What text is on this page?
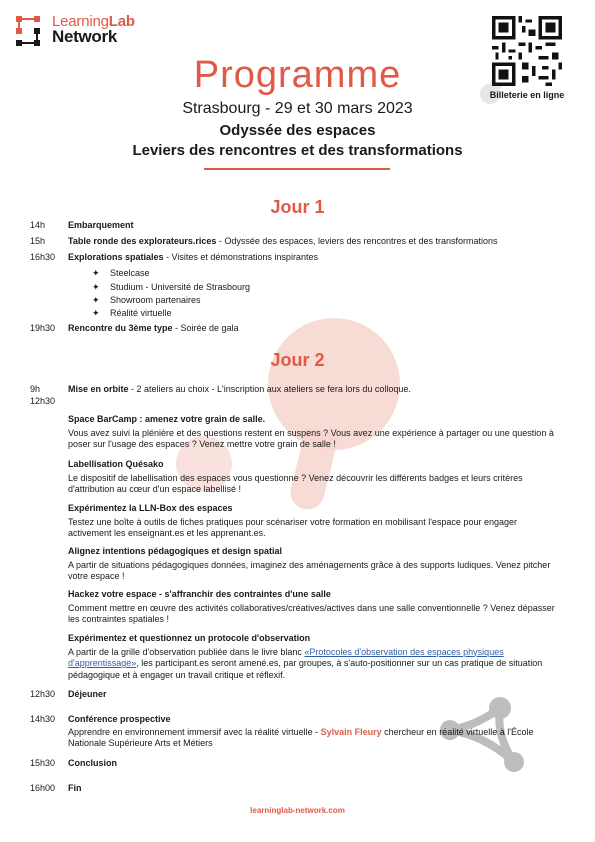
LearningLab
Network
Billeterie en ligne
Programme
Strasbourg - 29 et 30 mars 2023
Odyssée des espaces
Leviers des rencontres et des transformations
Jour 1
14h	Embarquement
15h	Table ronde des explorateurs.rices - Odyssée des espaces, leviers des rencontres et des transformations
16h30	Explorations spatiales - Visites et démonstrations inspirantes
✦ Steelcase
✦ Studium - Université de Strasbourg
✦ Showroom partenaires
✦ Réalité virtuelle
19h30	Rencontre du 3ème type - Soirée de gala
Jour 2
9h	Mise en orbite - 2 ateliers au choix - L'inscription aux ateliers se fera lors du colloque.
12h30
Space BarCamp : amenez votre grain de salle.
Vous avez suivi la plénière et des questions restent en suspens ? Vous avez une expérience à partager ou une question à poser sur l'usage des espaces ? Venez mettre votre grain de salle !
Labellisation Quésako
Le dispositif de labellisation des espaces vous questionne ? Venez découvrir les différents badges et leurs critères d'attribution au cœur d'un espace labellisé !
Expérimentez la LLN-Box des espaces
Testez une boîte à outils de fiches pratiques pour scénariser votre formation en mobilisant l'espace pour engager activement les enseignant.es et les apprenant.es.
Alignez intentions pédagogiques et design spatial
A partir de situations pédagogiques données, imaginez des aménagements grâce à des supports ludiques. Venez pitcher votre espace !
Hackez votre espace - s'affranchir des contraintes d'une salle
Comment mettre en œuvre des activités collaboratives/créatives/actives dans une salle conventionnelle ? Venez dépasser les contraintes spatiales !
Expérimentez et questionnez un protocole d'observation
A partir de la grille d'observation publiée dans le livre blanc «Protocoles d'observation des espaces physiques d'apprentissage», les participant.es seront amené.es, par groupes, à s'auto-positionner sur un cas pratique de situation pédagogique et à engager un travail critique et réflexif.
12h30	Déjeuner
14h30	Conférence prospective
Apprendre en environnement immersif avec la réalité virtuelle - Sylvain Fleury chercheur en réalité virtuelle à l'École Nationale Supérieure Arts et Métiers
15h30	Conclusion
16h00	Fin
learninglab-network.com
